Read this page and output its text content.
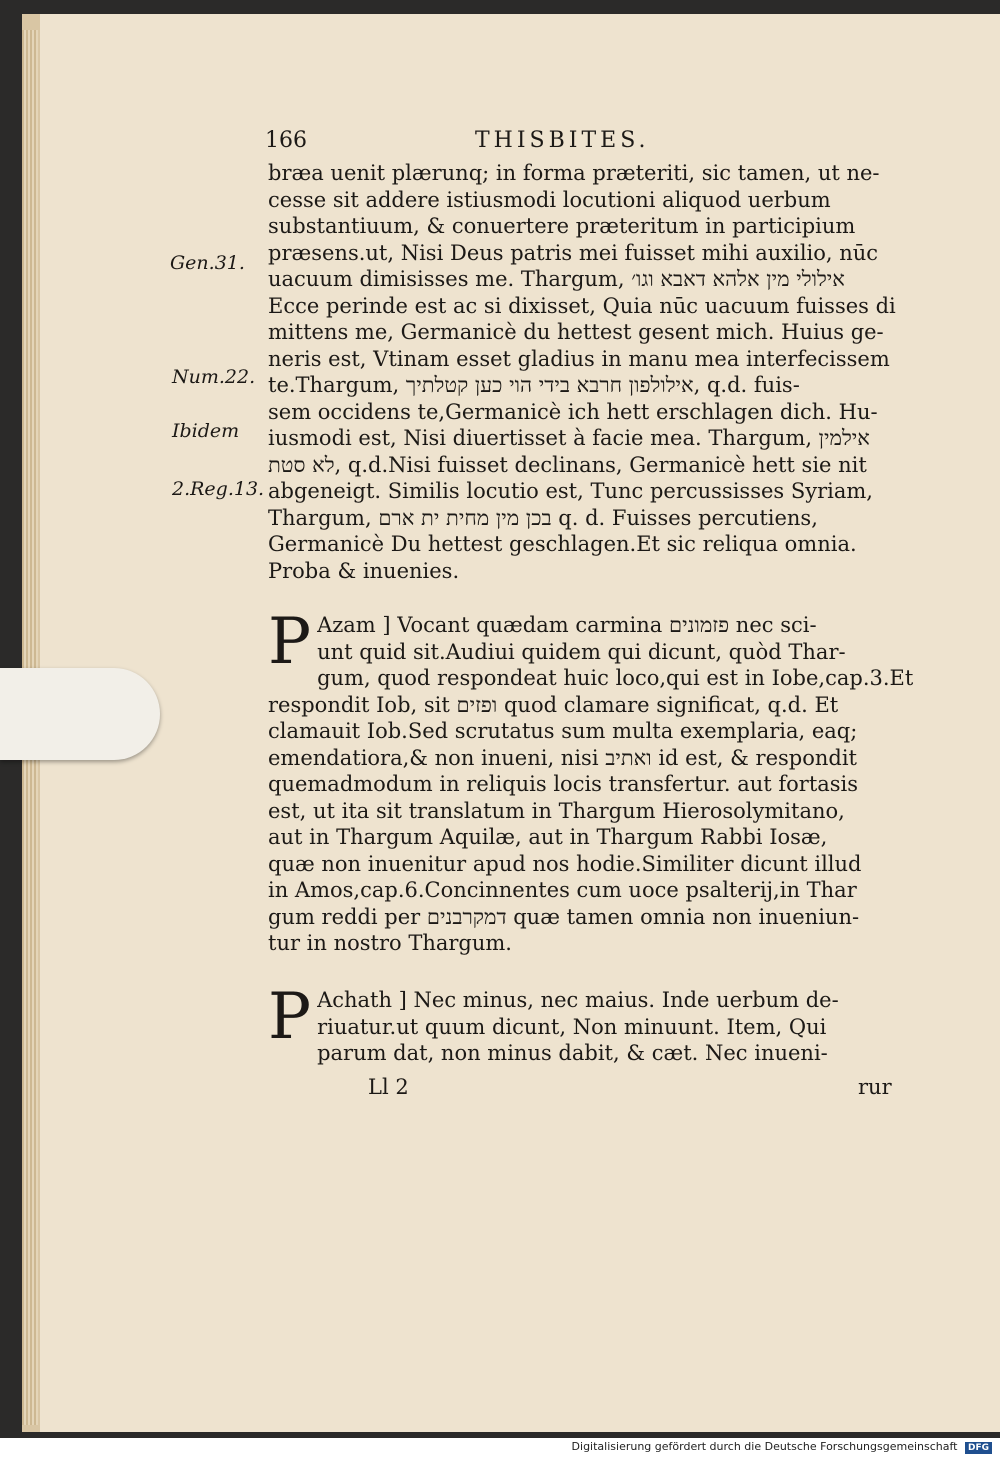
166	THISBITES.
Gen.31.
Num.22.
Ibidem
2.Reg.13.
bræa uenit plærunq; in forma præteriti, sic tamen, ut ne-
cesse sit addere istiusmodi locutioni aliquod uerbum
substantiuum, & conuertere præteritum in participium
præsens.ut, Nisi Deus patris mei fuisset mihi auxilio, nūc
uacuum dimisisses me. Thargum, אילולי מין אלהא דאבא וגו׳
Ecce perinde est ac si dixisset, Quia nūc uacuum fuisses di
mittens me, Germanicè du hettest gesent mich. Huius ge-
neris est, Vtinam esset gladius in manu mea interfecissem
te.Thargum, אילולפון חרבא בידי הוי כען קטלתיך, q.d. fuis-
sem occidens te,Germanicè ich hett erschlagen dich. Hu-
iusmodi est, Nisi diuertisset à facie mea. Thargum, אילמין
לא סטת, q.d.Nisi fuisset declinans, Germanicè hett sie nit
abgeneigt. Similis locutio est, Tunc percussisses Syriam,
Thargum, בכן מין מחית ית ארם q. d. Fuisses percutiens,
Germanicè Du hettest geschlagen.Et sic reliqua omnia.
Proba & inuenies.
P Azam ] Vocant quædam carmina פזמונים nec sci-
unt quid sit.Audiui quidem qui dicunt, quòd Thar-
gum, quod respondeat huic loco,qui est in Iobe,cap.3.Et
respondit Iob, sit ופזים quod clamare significat, q.d. Et
clamauit Iob.Sed scrutatus sum multa exemplaria, eaq;
emendatiora,& non inueni, nisi ואתיב id est, & respondit
quemadmodum in reliquis locis transfertur. aut fortasis
est, ut ita sit translatum in Thargum Hierosolymitano,
aut in Thargum Aquilæ, aut in Thargum Rabbi Iosæ,
quæ non inuenitur apud nos hodie.Similiter dicunt illud
in Amos,cap.6.Concinnentes cum uoce psalterij,in Thar
gum reddi per דמקרבנים quæ tamen omnia non inueniun-
tur in nostro Thargum.
P Achath ] Nec minus, nec maius. Inde uerbum de-
riuatur.ut quum dicunt, Non minuunt. Item, Qui
parum dat, non minus dabit, & cæt. Nec inueni-
Ll 2	rur
Digitalisierung gefördert durch die Deutsche Forschungsgemeinschaft DFG
